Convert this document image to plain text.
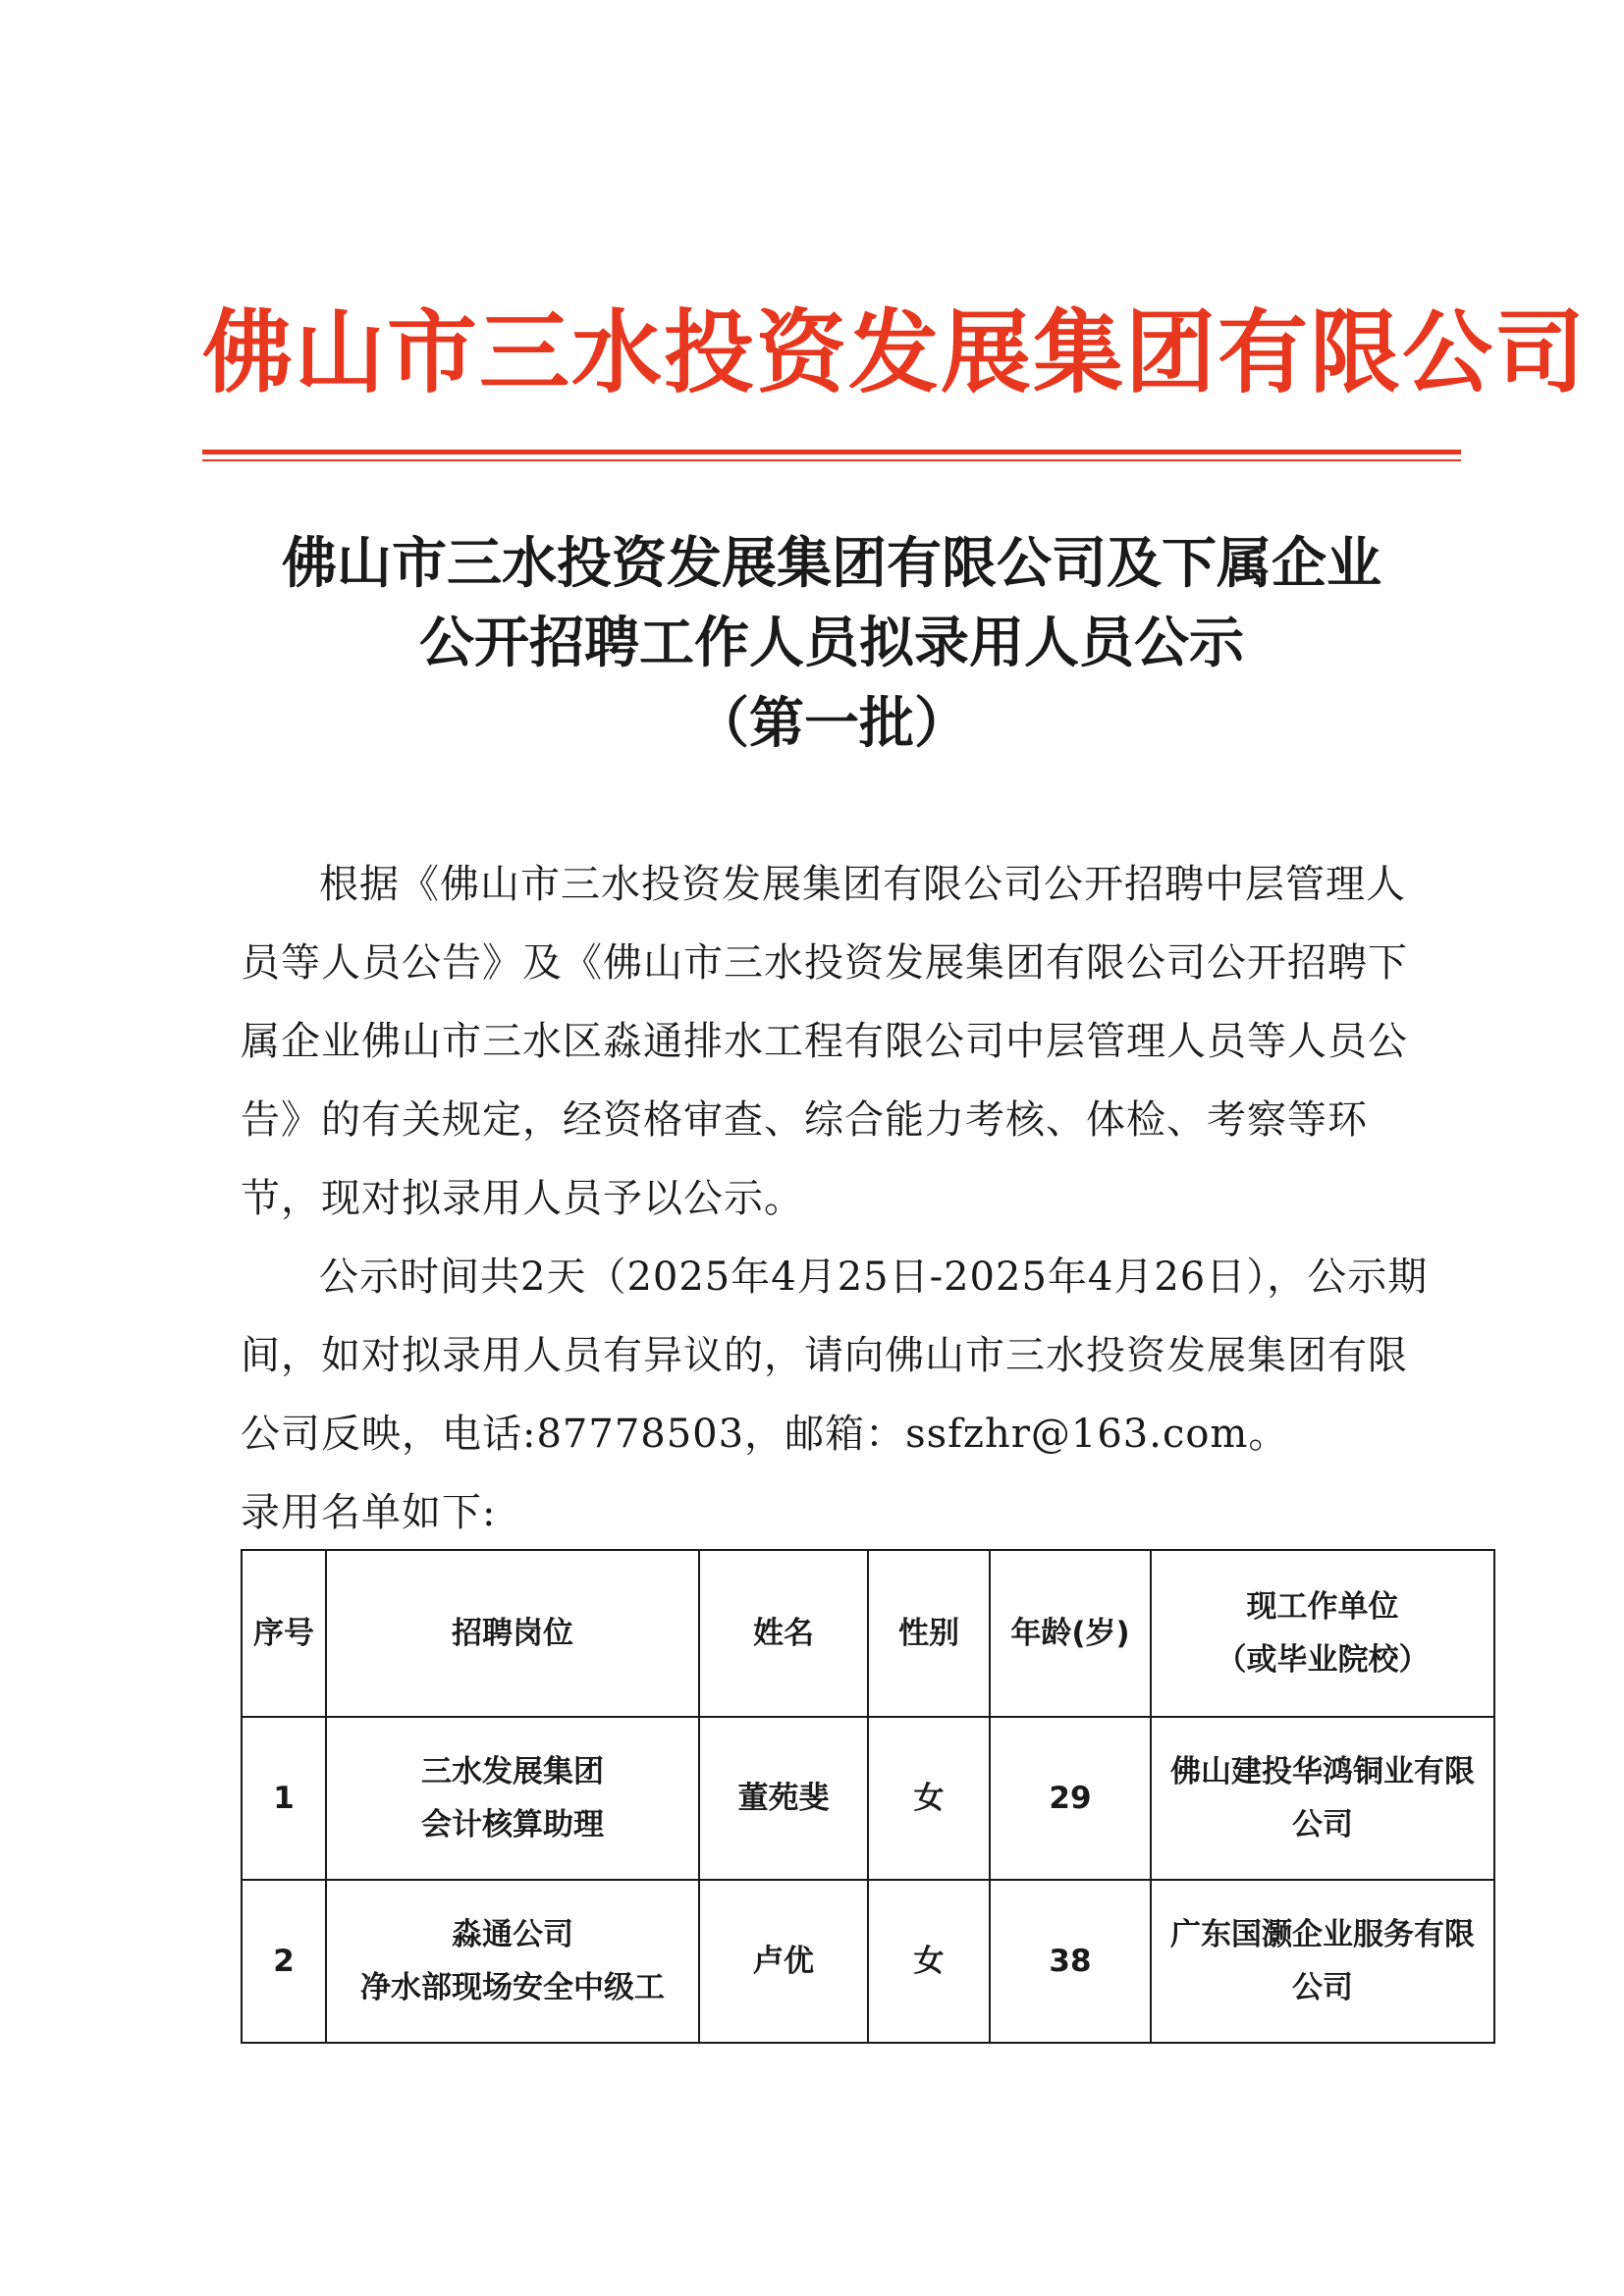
佛山市三水投资发展集团有限公司
佛山市三水投资发展集团有限公司及下属企业
公开招聘工作人员拟录用人员公示
（第一批）

根据《佛山市三水投资发展集团有限公司公开招聘中层管理人员等人员公告》及《佛山市三水投资发展集团有限公司公开招聘下属企业佛山市三水区淼通排水工程有限公司中层管理人员等人员公告》的有关规定，经资格审查、综合能力考核、体检、考察等环节，现对拟录用人员予以公示。

公示时间共2天（2025年4月25日-2025年4月26日），公示期间，如对拟录用人员有异议的，请向佛山市三水投资发展集团有限公司反映，电话:87778503，邮箱：ssfzhr@163.com。

录用名单如下:

序号	招聘岗位	姓名	性别	年龄(岁)	现工作单位
（或毕业院校）

1	三水发展集团
会计核算助理	董苑斐	女	29	佛山建投华鸿铜业有限
公司

2	淼通公司
净水部现场安全中级工	卢优	女	38	广东国灏企业服务有限
公司
